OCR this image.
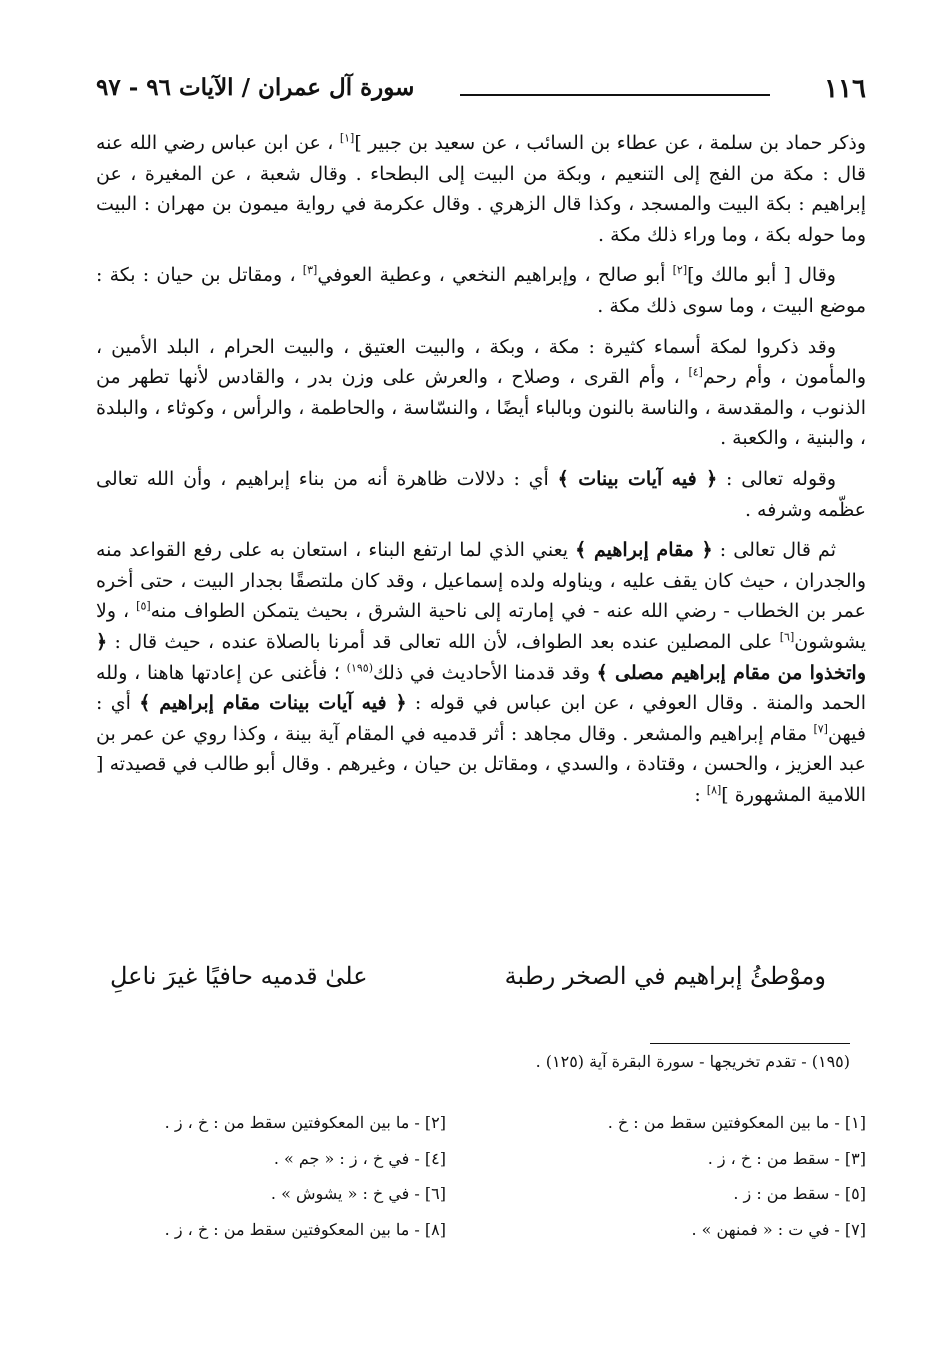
١١٦
سورة آل عمران / الآيات ٩٦ - ٩٧

وذكر حماد بن سلمة ، عن عطاء بن السائب ، عن سعيد بن جبير ][١] ، عن ابن عباس رضي الله عنه قال : مكة من الفج إلى التنعيم ، وبكة من البيت إلى البطحاء . وقال شعبة ، عن المغيرة ، عن إبراهيم : بكة البيت والمسجد ، وكذا قال الزهري . وقال عكرمة في رواية ميمون بن مهران : البيت وما حوله بكة ، وما وراء ذلك مكة .

وقال [ أبو مالك و][٢] أبو صالح ، وإبراهيم النخعي ، وعطية العوفي[٣] ، ومقاتل بن حيان : بكة : موضع البيت ، وما سوى ذلك مكة .

وقد ذكروا لمكة أسماء كثيرة : مكة ، وبكة ، والبيت العتيق ، والبيت الحرام ، البلد الأمين ، والمأمون ، وأم رحم[٤] ، وأم القرى ، وصلاح ، والعرش على وزن بدر ، والقادس لأنها تطهر من الذنوب ، والمقدسة ، والناسة بالنون وبالباء أيضًا ، والنسّاسة ، والحاطمة ، والرأس ، وكوثاء ، والبلدة ، والبنية ، والكعبة .

وقوله تعالى : ﴿ فيه آيات بينات ﴾ أي : دلالات ظاهرة أنه من بناء إبراهيم ، وأن الله تعالى عظّمه وشرفه .

ثم قال تعالى : ﴿ مقام إبراهيم ﴾ يعني الذي لما ارتفع البناء ، استعان به على رفع القواعد منه والجدران ، حيث كان يقف عليه ، ويناوله ولده إسماعيل ، وقد كان ملتصقًا بجدار البيت ، حتى أخره عمر بن الخطاب - رضي الله عنه - في إمارته إلى ناحية الشرق ، بحيث يتمكن الطواف منه[٥] ، ولا يشوشون[٦] على المصلين عنده بعد الطواف، لأن الله تعالى قد أمرنا بالصلاة عنده ، حيث قال : ﴿ واتخذوا من مقام إبراهيم مصلى ﴾ وقد قدمنا الأحاديث في ذلك$^{(١٩٥)}$ ؛ فأغنى عن إعادتها هاهنا ، ولله الحمد والمنة . وقال العوفي ، عن ابن عباس في قوله : ﴿ فيه آيات بينات مقام إبراهيم ﴾ أي : فيهن[٧] مقام إبراهيم والمشعر . وقال مجاهد : أثر قدميه في المقام آية بينة ، وكذا روي عن عمر بن عبد العزيز ، والحسن ، وقتادة ، والسدي ، ومقاتل بن حيان ، وغيرهم . وقال أبو طالب في قصيدته [ اللامية المشهورة ][٨] :

وموْطئُ إبراهيم في الصخر رطبة
علىٰ قدميه حافيًا غيرَ ناعلِ
(١٩٥) - تقدم تخريجها - سورة البقرة آية (١٢٥) .
[١] - ما بين المعكوفتين سقط من : خ .
[٢] - ما بين المعكوفتين سقط من : خ ، ز .
[٣] - سقط من : خ ، ز .
[٤] - في خ ، ز : « جم » .
[٥] - سقط من : ز .
[٦] - في خ : « يشوش » .
[٧] - في ت : « فمنهن » .
[٨] - ما بين المعكوفتين سقط من : خ ، ز .
